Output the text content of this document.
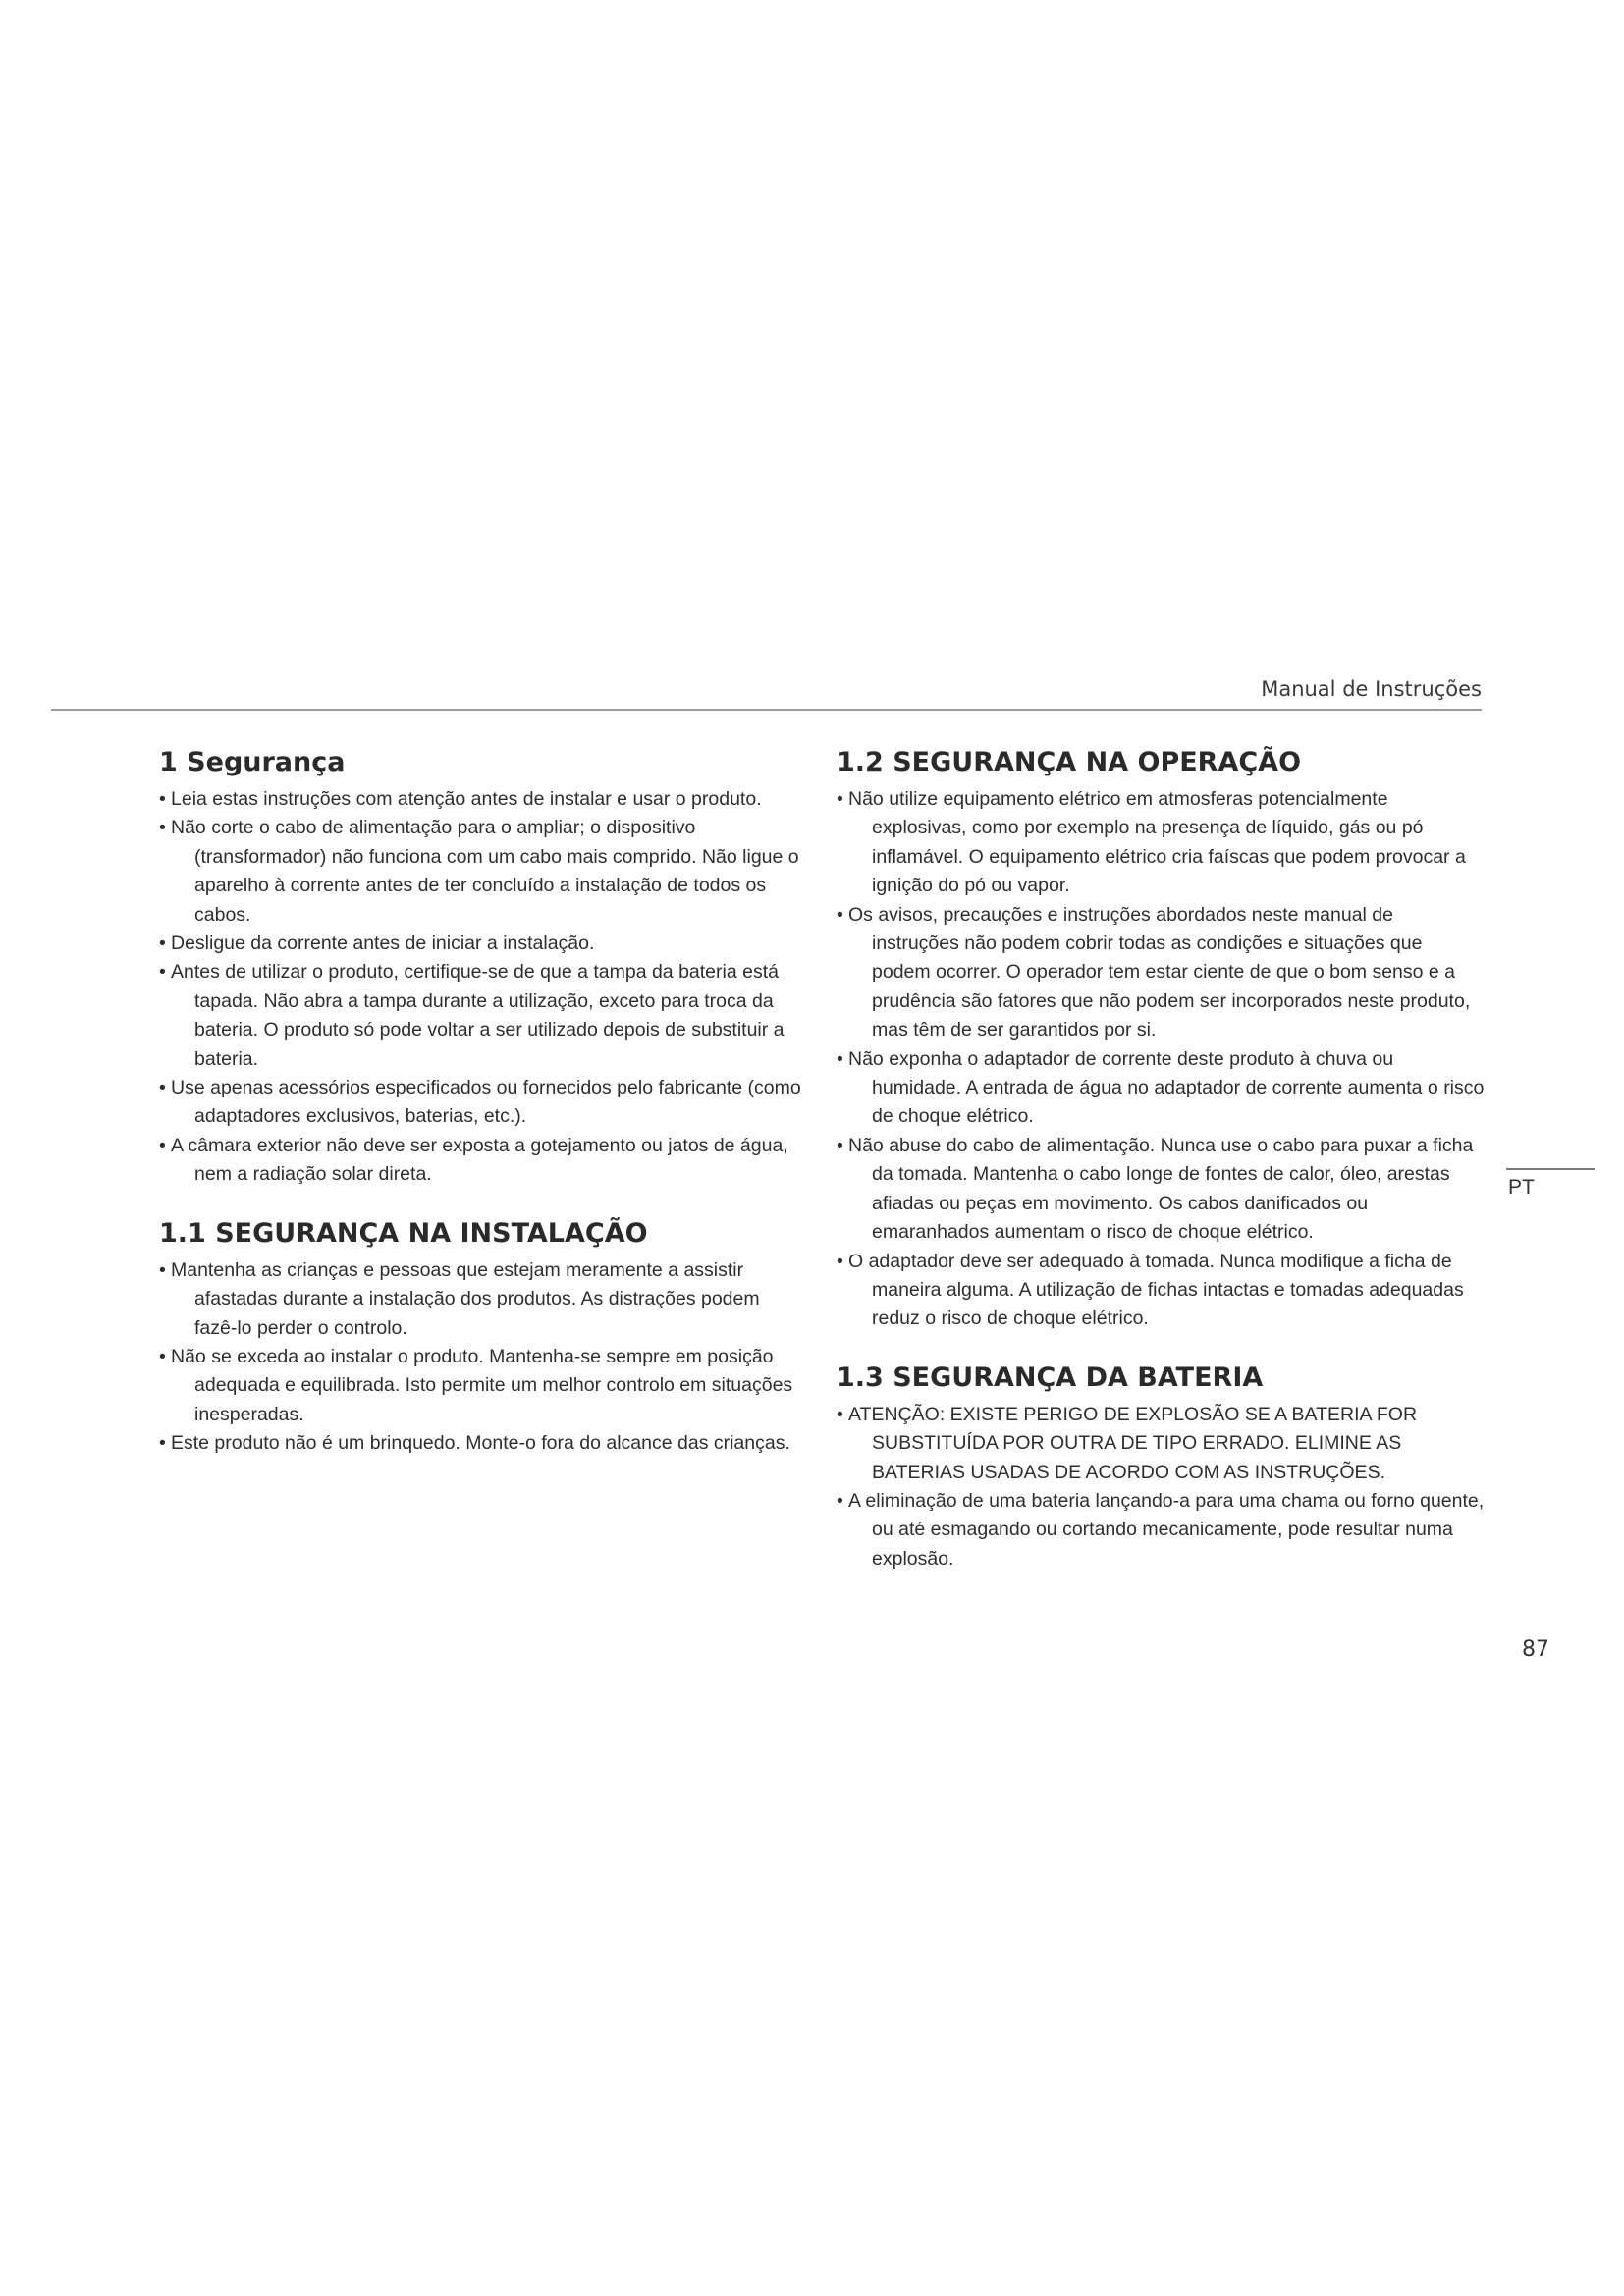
Manual de Instruções
1 Segurança
• Leia estas instruções com atenção antes de instalar e usar o produto.
• Não corte o cabo de alimentação para o ampliar; o dispositivo (transformador) não funciona com um cabo mais comprido. Não ligue o aparelho à corrente antes de ter concluído a instalação de todos os cabos.
• Desligue da corrente antes de iniciar a instalação.
• Antes de utilizar o produto, certifique-se de que a tampa da bateria está tapada. Não abra a tampa durante a utilização, exceto para troca da bateria. O produto só pode voltar a ser utilizado depois de substituir a bateria.
• Use apenas acessórios especificados ou fornecidos pelo fabricante (como adaptadores exclusivos, baterias, etc.).
• A câmara exterior não deve ser exposta a gotejamento ou jatos de água, nem a radiação solar direta.
1.1 SEGURANÇA NA INSTALAÇÃO
• Mantenha as crianças e pessoas que estejam meramente a assistir afastadas durante a instalação dos produtos. As distrações podem fazê-lo perder o controlo.
• Não se exceda ao instalar o produto. Mantenha-se sempre em posição adequada e equilibrada. Isto permite um melhor controlo em situações inesperadas.
• Este produto não é um brinquedo. Monte-o fora do alcance das crianças.
1.2 SEGURANÇA NA OPERAÇÃO
• Não utilize equipamento elétrico em atmosferas potencialmente explosivas, como por exemplo na presença de líquido, gás ou pó inflamável. O equipamento elétrico cria faíscas que podem provocar a ignição do pó ou vapor.
• Os avisos, precauções e instruções abordados neste manual de instruções não podem cobrir todas as condições e situações que podem ocorrer. O operador tem estar ciente de que o bom senso e a prudência são fatores que não podem ser incorporados neste produto, mas têm de ser garantidos por si.
• Não exponha o adaptador de corrente deste produto à chuva ou humidade. A entrada de água no adaptador de corrente aumenta o risco de choque elétrico.
• Não abuse do cabo de alimentação. Nunca use o cabo para puxar a ficha da tomada. Mantenha o cabo longe de fontes de calor, óleo, arestas afiadas ou peças em movimento. Os cabos danificados ou emaranhados aumentam o risco de choque elétrico.
• O adaptador deve ser adequado à tomada. Nunca modifique a ficha de maneira alguma. A utilização de fichas intactas e tomadas adequadas reduz o risco de choque elétrico.
1.3 SEGURANÇA DA BATERIA
• ATENÇÃO: EXISTE PERIGO DE EXPLOSÃO SE A BATERIA FOR SUBSTITUÍDA POR OUTRA DE TIPO ERRADO. ELIMINE AS BATERIAS USADAS DE ACORDO COM AS INSTRUÇÕES.
• A eliminação de uma bateria lançando-a para uma chama ou forno quente, ou até esmagando ou cortando mecanicamente, pode resultar numa explosão.
PT
87
